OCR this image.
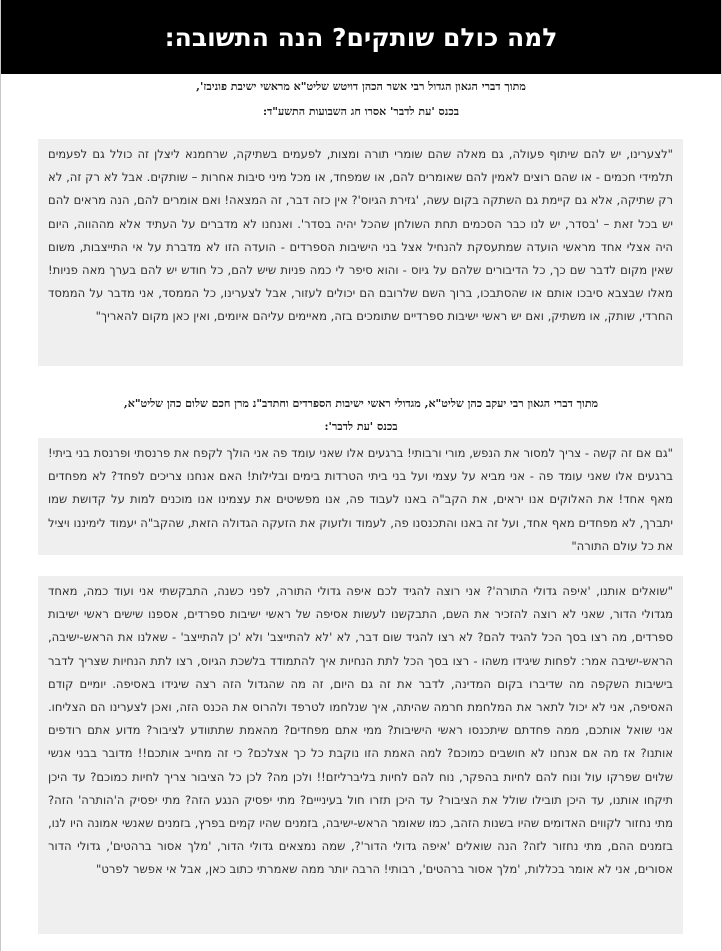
למה כולם שותקים? הנה התשובה:
מתוך דברי הגאון הגדול רבי אשר הכהן דויטש שליט"א מראשי ישיבת פוניבז',
בכנס 'עת לדבר' אסרו חג השבועות התשע"ד:
"לצערינו, יש להם שיתוף פעולה, גם מאלה שהם שומרי תורה ומצות, לפעמים בשתיקה, שרחמנא ליצלן זה כולל גם לפעמים תלמידי חכמים - או שהם רוצים לאמין להם שאומרים להם, או שמפחד, או מכל מיני סיבות אחרות – שותקים. אבל לא רק זה, לא רק שתיקה, אלא גם קיימת גם השתקה בקום עשה, 'גזירת הגיוס'? אין כזה דבר, זה המצאה! ואם אומרים להם, הנה מראים להם יש בכל זאת – 'בסדר, יש לנו כבר הסכמים תחת השולחן שהכל יהיה בסדר'. ואנחנו לא מדברים על העתיד אלא מההווה, היום היה אצלי אחד מראשי הועדה שמתעסקת להנחיל אצל בני הישיבות הספרדים - הועדה הזו לא מדברת על אי התייצבות, משום שאין מקום לדבר שם כך, כל הדיבורים שלהם על גיוס - והוא סיפר לי כמה פניות שיש להם, כל חודש יש להם בערך מאה פניות! מאלו שבצבא סיבכו אותם או שהסתבכו, ברוך השם שלרובם הם יכולים לעזור, אבל לצערינו, כל הממסד, אני מדבר על הממסד החרדי, שותק, או משתיק, ואם יש ראשי ישיבות ספרדיים שתומכים בזה, מאיימים עליהם איומים, ואין כאן מקום להאריך"
מתוך דברי הגאון רבי יעקב כהן שליט"א, מגדולי ראשי ישיבות הספרדים וחתדב"נ מרן חכם שלום כהן שליט"א,
בכנס 'עת לדבר':
"גם אם זה קשה - צריך למסור את הנפש, מורי ורבותי! ברגעים אלו שאני עומד פה אני הולך לקפח את פרנסתי ופרנסת בני ביתי! ברגעים אלו שאני עומד פה - אני מביא על עצמי ועל בני ביתי הטרדות בימים ובלילות! האם אנחנו צריכים לפחד? לא מפחדים מאף אחד! את האלוקים אנו יראים, את הקב"ה באנו לעבוד פה, אנו מפשיטים את עצמינו אנו מוכנים למות על קדושת שמו יתברך, לא מפחדים מאף אחד, ועל זה באנו והתכנסנו פה, לעמוד ולזעוק את הזעקה הגדולה הזאת, שהקב"ה יעמוד לימיננו ויציל את כל עולם התורה"
"שואלים אותנו, 'איפה גדולי התורה'? אני רוצה להגיד לכם איפה גדולי התורה, לפני כשנה, התבקשתי אני ועוד כמה, מאחד מגדולי הדור, שאני לא רוצה להזכיר את השם, התבקשנו לעשות אסיפה של ראשי ישיבות ספרדים, אספנו שישים ראשי ישיבות ספרדים, מה רצו בסך הכל להגיד להם? לא רצו להגיד שום דבר, לא 'לא להתייצב' ולא 'כן להתייצב' - שאלנו את הראש-ישיבה, הראש-ישיבה אמר: לפחות שיגידו משהו - רצו בסך הכל לתת הנחיות איך להתמודד בלשכת הגיוס, רצו לתת הנחיות שצריך לדבר בישיבות השקפה מה שדיברו בקום המדינה, לדבר את זה גם היום, זה מה שהגדול הזה רצה שיגידו באסיפה. יומיים קודם האסיפה, אני לא יכול לתאר את המלחמת חרמה שהיתה, איך שנלחמו לטרפד ולהרוס את הכנס הזה, ואכן לצערינו הם הצליחו. אני שואל אותכם, ממה פחדתם שיתכנסו ראשי הישיבות? ממי אתם מפחדים? מהאמת שתתוודע לציבור? מדוע אתם רודפים אותנו? אז מה אם אנחנו לא חושבים כמוכם? למה האמת הזו נוקבת כל כך אצלכם? כי זה מחייב אותכם!! מדובר בבני אנשי שלוים שפרקו עול ונוח להם לחיות בהפקר, נוח להם לחיות בליברליזם!! ולכן מה? לכן כל הציבור צריך לחיות כמוכם? עד היכן תיקחו אותנו, עד היכן תובילו שולל את הציבור? עד היכן תזרו חול בעינייים? מתי יפסיק הנגע הזה? מתי יפסיק ה'הותרה' הזה? מתי נחזור לקווים האדומים שהיו בשנות הזהב, כמו שאומר הראש-ישיבה, בזמנים שהיו קמים בפרץ, בזמנים שאנשי אמונה היו לנו, בזמנים ההם, מתי נחזור לזה? הנה שואלים 'איפה גדולי הדור'?, שמה נמצאים גדולי הדור, 'מלך אסור ברהטים', גדולי הדור אסורים, אני לא אומר בכללות, 'מלך אסור ברהטים', רבותי! הרבה יותר ממה שאמרתי כתוב כאן, אבל אי אפשר לפרט"
